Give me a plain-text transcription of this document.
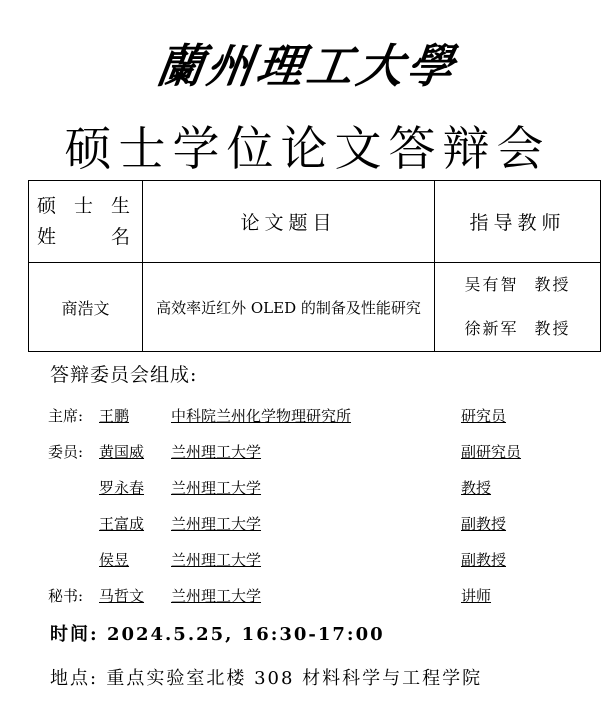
蘭州理工大學
硕士学位论文答辩会
硕 士 生
姓 名	论文题目	指导教师
商浩文	高效率近红外 OLED 的制备及性能研究	吴有智 教授
徐新军 教授
答辩委员会组成:
主席: 王鹏	中科院兰州化学物理研究所	研究员
委员: 黄国威 兰州理工大学	副研究员
罗永春 兰州理工大学	教授
王富成 兰州理工大学	副教授
侯昱	兰州理工大学	副教授
秘书: 马哲文 兰州理工大学	讲师
时间: 2024.5.25, 16:30-17:00
地点: 重点实验室北楼 308 材料科学与工程学院
